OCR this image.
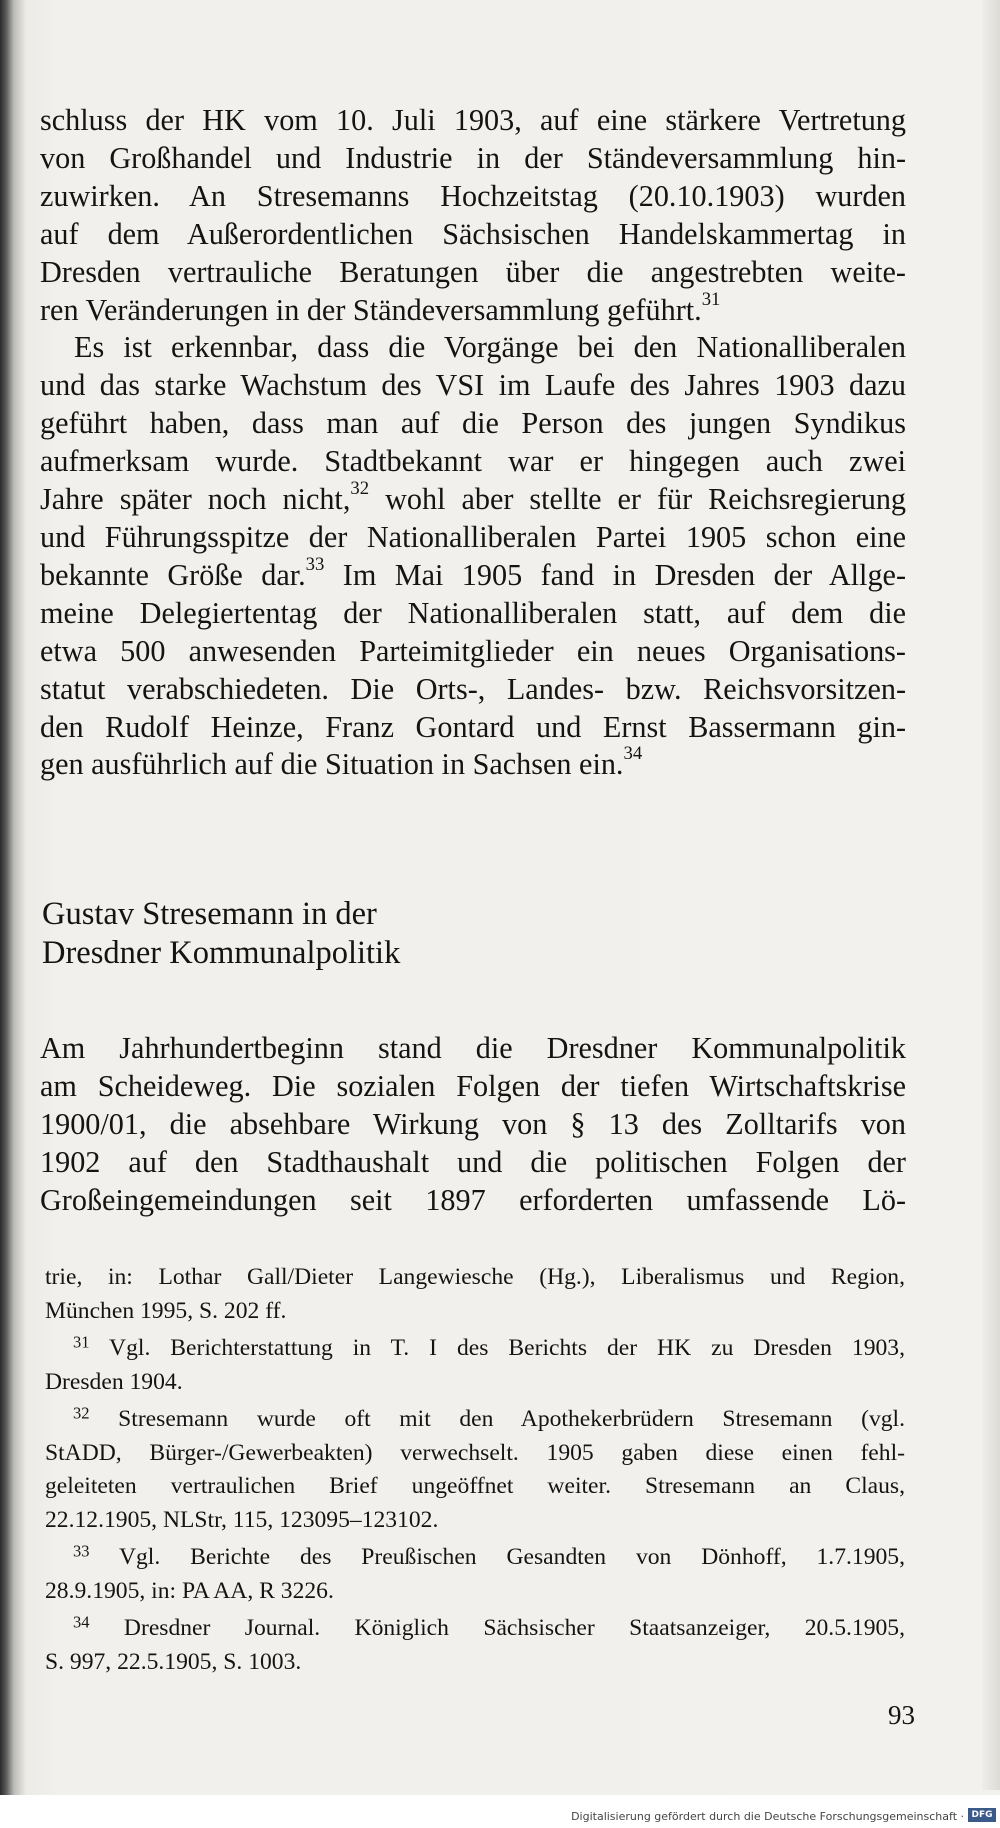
schluss der HK vom 10. Juli 1903, auf eine stärkere Vertretung

von Großhandel und Industrie in der Ständeversammlung hin-

zuwirken. An Stresemanns Hochzeitstag (20.10.1903) wurden

auf dem Außerordentlichen Sächsischen Handelskammertag in

Dresden vertrauliche Beratungen über die angestrebten weite-

ren Veränderungen in der Ständeversammlung geführt.$^{31}$

Es ist erkennbar, dass die Vorgänge bei den Nationalliberalen

und das starke Wachstum des VSI im Laufe des Jahres 1903 dazu

geführt haben, dass man auf die Person des jungen Syndikus

aufmerksam wurde. Stadtbekannt war er hingegen auch zwei

Jahre später noch nicht,$^{32}$ wohl aber stellte er für Reichsregierung

und Führungsspitze der Nationalliberalen Partei 1905 schon eine

bekannte Größe dar.$^{33}$ Im Mai 1905 fand in Dresden der Allge-

meine Delegiertentag der Nationalliberalen statt, auf dem die

etwa 500 anwesenden Parteimitglieder ein neues Organisations-

statut verabschiedeten. Die Orts-, Landes- bzw. Reichsvorsitzen-

den Rudolf Heinze, Franz Gontard und Ernst Bassermann gin-

gen ausführlich auf die Situation in Sachsen ein.$^{34}$

Gustav Stresemann in der
Dresdner Kommunalpolitik

Am Jahrhundertbeginn stand die Dresdner Kommunalpolitik

am Scheideweg. Die sozialen Folgen der tiefen Wirtschaftskrise

1900/01, die absehbare Wirkung von § 13 des Zolltarifs von

1902 auf den Stadthaushalt und die politischen Folgen der

Großeingemeindungen seit 1897 erforderten umfassende Lö-

trie, in: Lothar Gall/Dieter Langewiesche (Hg.), Liberalismus und Region,

München 1995, S. 202 ff.

$^{31}$ Vgl. Berichterstattung in T. I des Berichts der HK zu Dresden 1903,

Dresden 1904.

$^{32}$ Stresemann wurde oft mit den Apothekerbrüdern Stresemann (vgl.

StADD, Bürger-/Gewerbeakten) verwechselt. 1905 gaben diese einen fehl-

geleiteten vertraulichen Brief ungeöffnet weiter. Stresemann an Claus,

22.12.1905, NLStr, 115, 123095–123102.

$^{33}$ Vgl. Berichte des Preußischen Gesandten von Dönhoff, 1.7.1905,

28.9.1905, in: PA AA, R 3226.

$^{34}$ Dresdner Journal. Königlich Sächsischer Staatsanzeiger, 20.5.1905,

S. 997, 22.5.1905, S. 1003.

93
Digitalisierung gefördert durch die Deutsche Forschungsgemeinschaft · DFG
